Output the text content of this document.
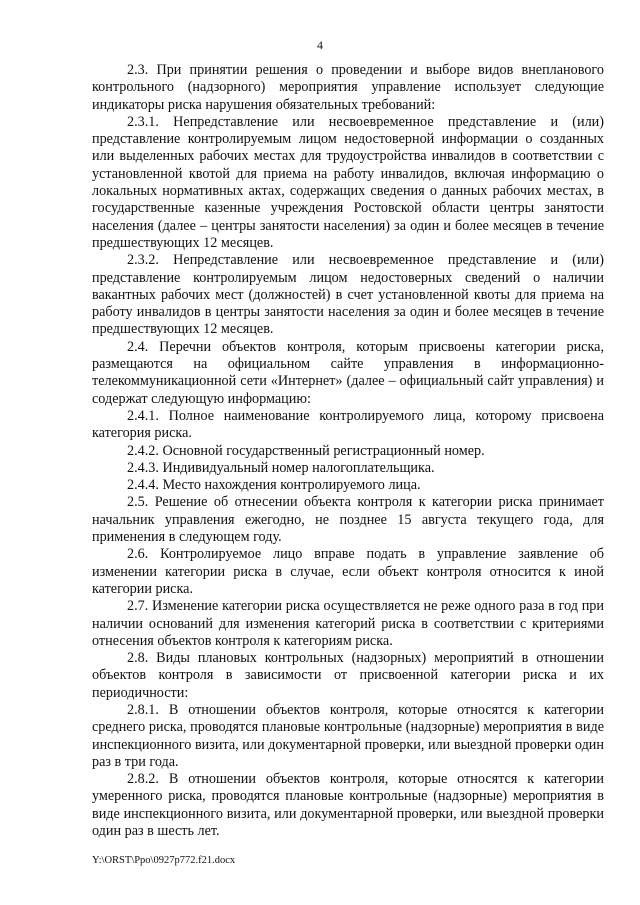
4

2.3. При принятии решения о проведении и выборе видов внепланового контрольного (надзорного) мероприятия управление использует следующие индикаторы риска нарушения обязательных требований:

2.3.1. Непредставление или несвоевременное представление и (или) представление контролируемым лицом недостоверной информации о созданных или выделенных рабочих местах для трудоустройства инвалидов в соответствии с установленной квотой для приема на работу инвалидов, включая информацию о локальных нормативных актах, содержащих сведения о данных рабочих местах, в государственные казенные учреждения Ростовской области центры занятости населения (далее – центры занятости населения) за один и более месяцев в течение предшествующих 12 месяцев.

2.3.2. Непредставление или несвоевременное представление и (или) представление контролируемым лицом недостоверных сведений о наличии вакантных рабочих мест (должностей) в счет установленной квоты для приема на работу инвалидов в центры занятости населения за один и более месяцев в течение предшествующих 12 месяцев.

2.4. Перечни объектов контроля, которым присвоены категории риска, размещаются на официальном сайте управления в информационно-телекоммуникационной сети «Интернет» (далее – официальный сайт управления) и содержат следующую информацию:

2.4.1. Полное наименование контролируемого лица, которому присвоена категория риска.

2.4.2. Основной государственный регистрационный номер.

2.4.3. Индивидуальный номер налогоплательщика.

2.4.4. Место нахождения контролируемого лица.

2.5. Решение об отнесении объекта контроля к категории риска принимает начальник управления ежегодно, не позднее 15 августа текущего года, для применения в следующем году.

2.6. Контролируемое лицо вправе подать в управление заявление об изменении категории риска в случае, если объект контроля относится к иной категории риска.

2.7. Изменение категории риска осуществляется не реже одного раза в год при наличии оснований для изменения категорий риска в соответствии с критериями отнесения объектов контроля к категориям риска.

2.8. Виды плановых контрольных (надзорных) мероприятий в отношении объектов контроля в зависимости от присвоенной категории риска и их периодичности:

2.8.1. В отношении объектов контроля, которые относятся к категории среднего риска, проводятся плановые контрольные (надзорные) мероприятия в виде инспекционного визита, или документарной проверки, или выездной проверки один раз в три года.

2.8.2. В отношении объектов контроля, которые относятся к категории умеренного риска, проводятся плановые контрольные (надзорные) мероприятия в виде инспекционного визита, или документарной проверки, или выездной проверки один раз в шесть лет.

Y:\ORST\Ppo\0927p772.f21.docx
